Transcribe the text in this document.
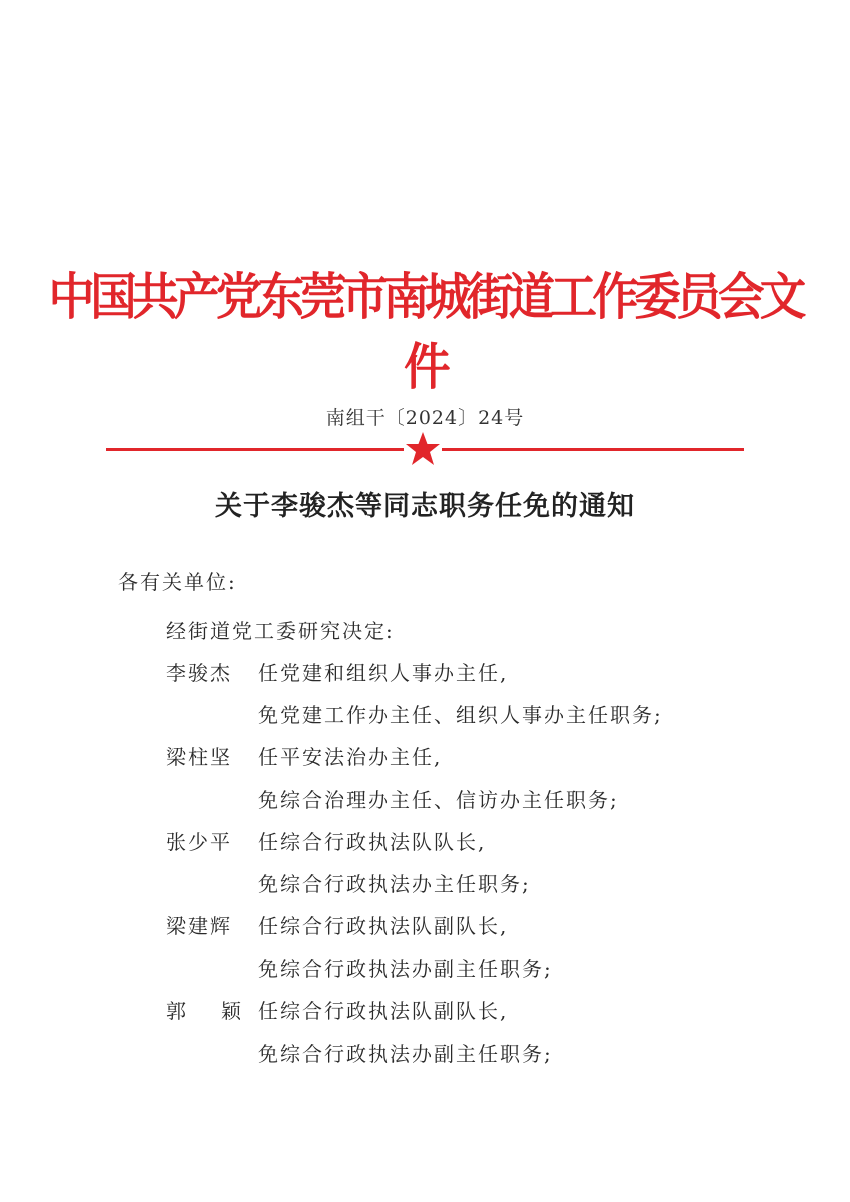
中国共产党东莞市南城街道工作委员会文件
南组干〔2024〕24号
关于李骏杰等同志职务任免的通知
各有关单位:
经街道党工委研究决定:
李骏杰 任党建和组织人事办主任,
免党建工作办主任、组织人事办主任职务;
梁柱坚 任平安法治办主任,
免综合治理办主任、信访办主任职务;
张少平 任综合行政执法队队长,
免综合行政执法办主任职务;
梁建辉 任综合行政执法队副队长,
免综合行政执法办副主任职务;
郭颖
任综合行政执法队副队长,
免综合行政执法办副主任职务;
